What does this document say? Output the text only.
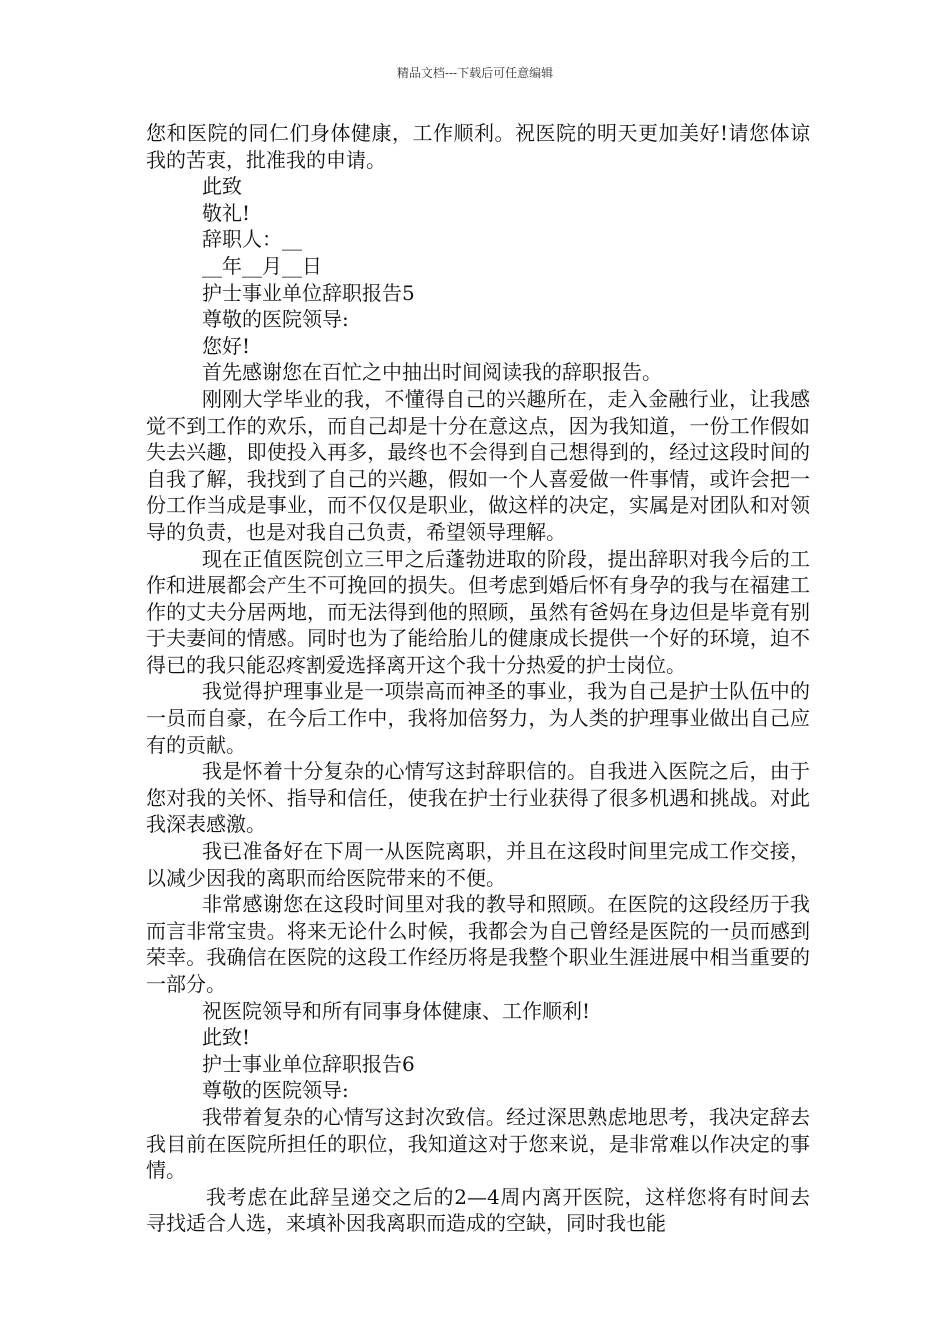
精品文档---下载后可任意编辑

您和医院的同仁们身体健康，工作顺利。祝医院的明天更加美好!请您体谅我的苦衷，批准我的申请。

此致

敬礼!

辞职人：__

__年__月__日

护士事业单位辞职报告5

尊敬的医院领导:

您好!

首先感谢您在百忙之中抽出时间阅读我的辞职报告。

刚刚大学毕业的我，不懂得自己的兴趣所在，走入金融行业，让我感觉不到工作的欢乐，而自己却是十分在意这点，因为我知道，一份工作假如失去兴趣，即使投入再多，最终也不会得到自己想得到的，经过这段时间的自我了解，我找到了自己的兴趣，假如一个人喜爱做一件事情，或许会把一份工作当成是事业，而不仅仅是职业，做这样的决定，实属是对团队和对领导的负责，也是对我自己负责，希望领导理解。

现在正值医院创立三甲之后蓬勃进取的阶段，提出辞职对我今后的工作和进展都会产生不可挽回的损失。但考虑到婚后怀有身孕的我与在福建工作的丈夫分居两地，而无法得到他的照顾，虽然有爸妈在身边但是毕竟有别于夫妻间的情感。同时也为了能给胎儿的健康成长提供一个好的环境，迫不得已的我只能忍疼割爱选择离开这个我十分热爱的护士岗位。

我觉得护理事业是一项崇高而神圣的事业，我为自己是护士队伍中的一员而自豪，在今后工作中，我将加倍努力，为人类的护理事业做出自己应有的贡献。

我是怀着十分复杂的心情写这封辞职信的。自我进入医院之后，由于您对我的关怀、指导和信任，使我在护士行业获得了很多机遇和挑战。对此我深表感激。

我已准备好在下周一从医院离职，并且在这段时间里完成工作交接，以减少因我的离职而给医院带来的不便。

非常感谢您在这段时间里对我的教导和照顾。在医院的这段经历于我而言非常宝贵。将来无论什么时候，我都会为自己曾经是医院的一员而感到荣幸。我确信在医院的这段工作经历将是我整个职业生涯进展中相当重要的一部分。

祝医院领导和所有同事身体健康、工作顺利!

此致!

护士事业单位辞职报告6

尊敬的医院领导:

我带着复杂的心情写这封次致信。经过深思熟虑地思考，我决定辞去我目前在医院所担任的职位，我知道这对于您来说，是非常难以作决定的事情。

我考虑在此辞呈递交之后的2—4周内离开医院，这样您将有时间去寻找适合人选，来填补因我离职而造成的空缺，同时我也能
